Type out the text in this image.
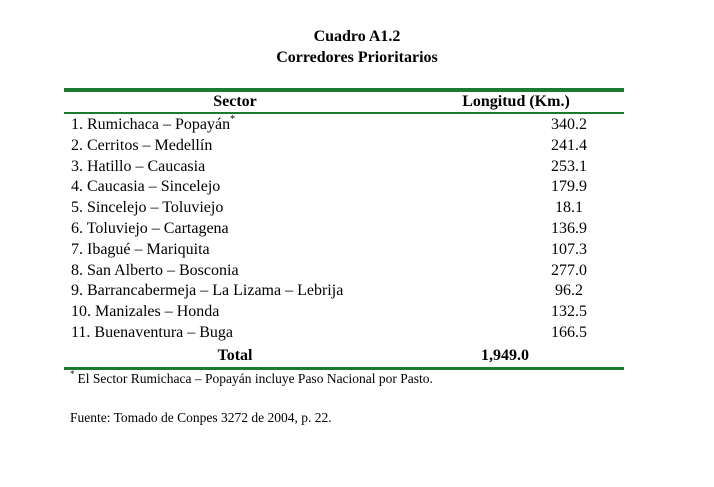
Cuadro A1.2
Corredores Prioritarios
Sector	Longitud (Km.)
1. Rumichaca – Popayán*	340.2
2. Cerritos – Medellín	241.4
3. Hatillo – Caucasia	253.1
4. Caucasia – Sincelejo	179.9
5. Sincelejo – Toluviejo	18.1
6. Toluviejo – Cartagena	136.9
7. Ibagué – Mariquita	107.3
8. San Alberto – Bosconia	277.0
9. Barrancabermeja – La Lizama – Lebrija	96.2
10. Manizales – Honda	132.5
11. Buenaventura – Buga	166.5
Total	1,949.0
* El Sector Rumichaca – Popayán incluye Paso Nacional por Pasto.
Fuente: Tomado de Conpes 3272 de 2004, p. 22.
